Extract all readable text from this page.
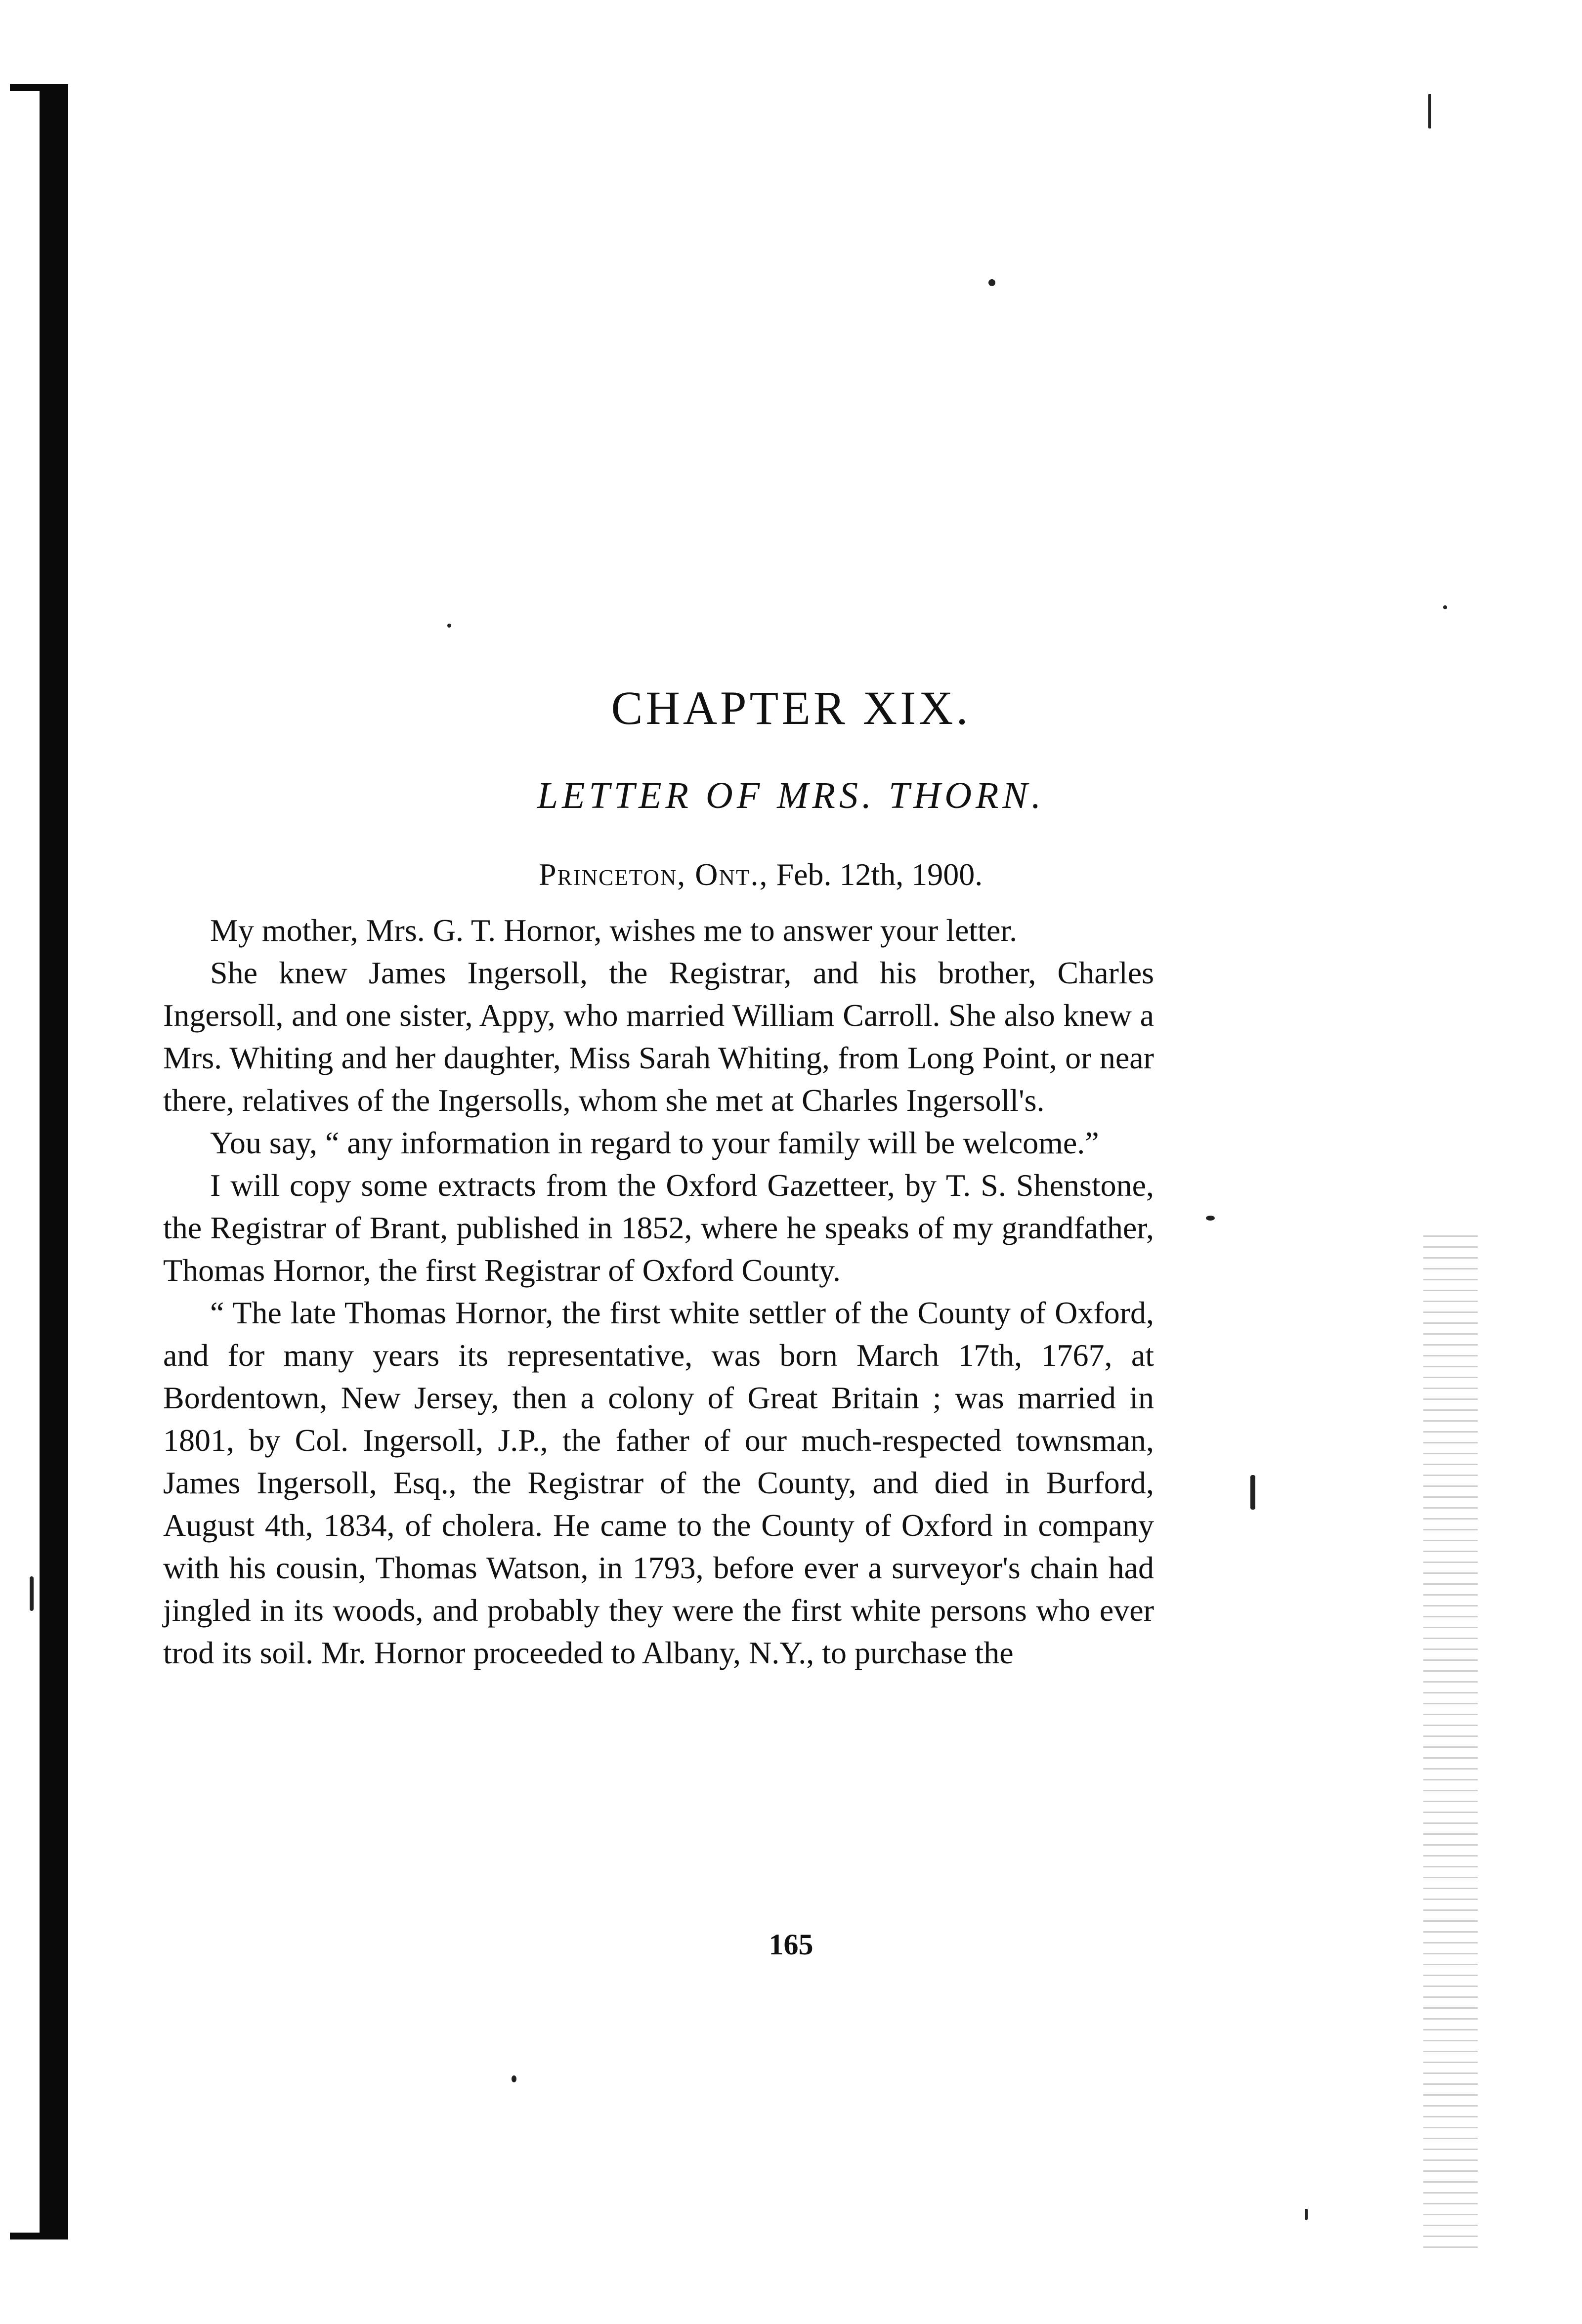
CHAPTER XIX.
LETTER OF MRS. THORN.
Princeton, Ont., Feb. 12th, 1900.

My mother, Mrs. G. T. Hornor, wishes me to answer your letter.

She knew James Ingersoll, the Registrar, and his brother, Charles Ingersoll, and one sister, Appy, who married William Carroll. She also knew a Mrs. Whiting and her daughter, Miss Sarah Whiting, from Long Point, or near there, relatives of the Ingersolls, whom she met at Charles Ingersoll's.

You say, “ any information in regard to your family will be welcome.”

I will copy some extracts from the Oxford Gazetteer, by T. S. Shenstone, the Registrar of Brant, published in 1852, where he speaks of my grandfather, Thomas Hornor, the first Registrar of Oxford County.

“ The late Thomas Hornor, the first white settler of the County of Oxford, and for many years its representative, was born March 17th, 1767, at Bordentown, New Jersey, then a colony of Great Britain ; was married in 1801, by Col. Ingersoll, J.P., the father of our much-respected townsman, James Ingersoll, Esq., the Registrar of the County, and died in Burford, August 4th, 1834, of cholera. He came to the County of Oxford in company with his cousin, Thomas Watson, in 1793, before ever a surveyor's chain had jingled in its woods, and probably they were the first white persons who ever trod its soil. Mr. Hornor proceeded to Albany, N.Y., to purchase the

165
